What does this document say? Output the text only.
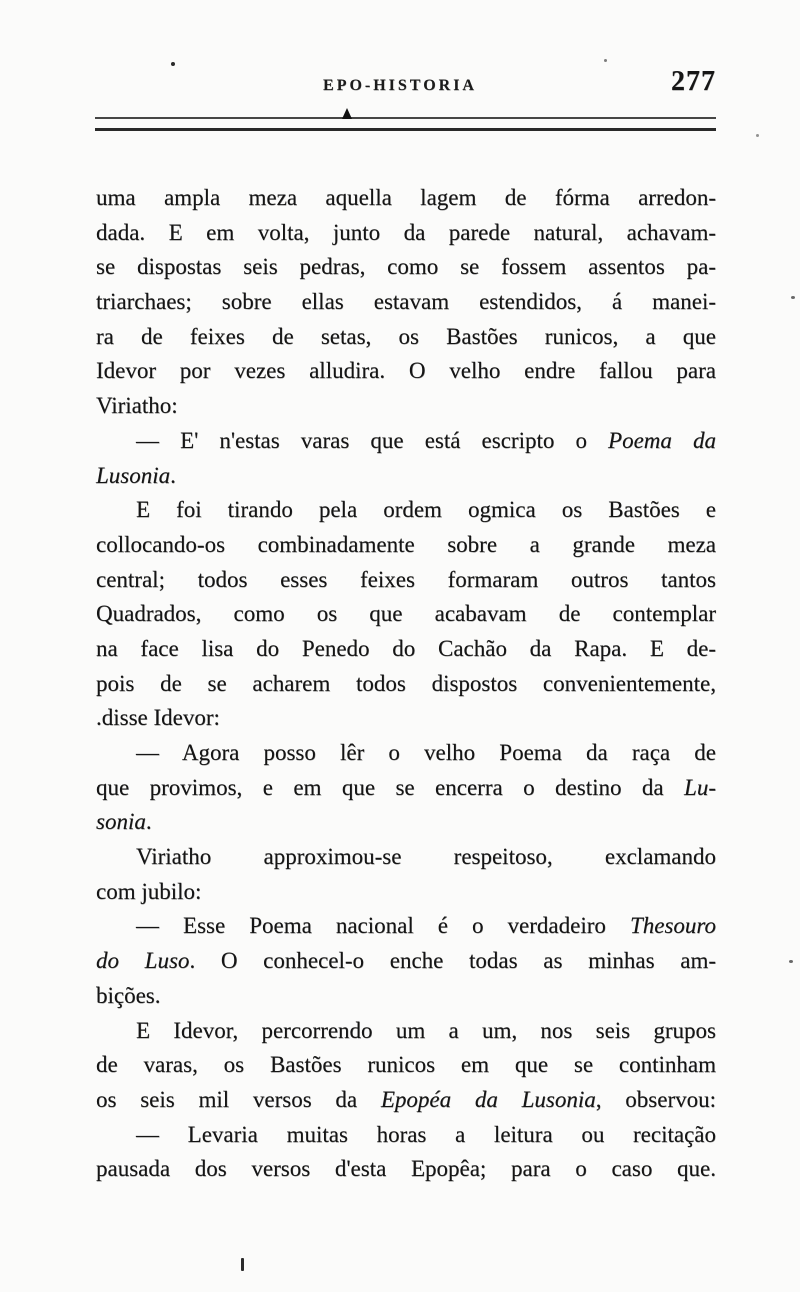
EPO-HISTORIA	277
uma ampla meza aquella lagem de fórma arredon-
dada. E em volta, junto da parede natural, achavam-
se dispostas seis pedras, como se fossem assentos pa-
triarchaes; sobre ellas estavam estendidos, á manei-
ra de feixes de setas, os Bastões runicos, a que
Idevor por vezes alludira. O velho endre fallou para
Viriatho:
— E' n'estas varas que está escripto o Poema da
Lusonia.
E foi tirando pela ordem ogmica os Bastões e
collocando-os combinadamente sobre a grande meza
central; todos esses feixes formaram outros tantos
Quadrados, como os que acabavam de contemplar
na face lisa do Penedo do Cachão da Rapa. E de-
pois de se acharem todos dispostos convenientemente,
.disse Idevor:
— Agora posso lêr o velho Poema da raça de
que provimos, e em que se encerra o destino da Lu-
sonia.
Viriatho approximou-se respeitoso, exclamando
com jubilo:
— Esse Poema nacional é o verdadeiro Thesouro
do Luso. O conhecel-o enche todas as minhas am-
bições.
E Idevor, percorrendo um a um, nos seis grupos
de varas, os Bastões runicos em que se continham
os seis mil versos da Epopéa da Lusonia, observou:
— Levaria muitas horas a leitura ou recitação
pausada dos versos d'esta Epopêa; para o caso que.
